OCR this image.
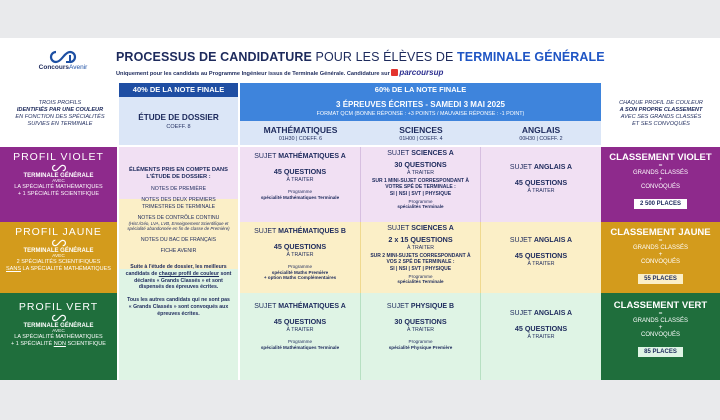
ConcoursAvenir
PROCESSUS DE CANDIDATURE POUR LES ÉLÈVES DE TERMINALE GÉNÉRALE
Uniquement pour les candidats au Programme Ingénieur issus de Terminale Générale. Candidature sur parcoursup
TROIS PROFILS
IDENTIFIÉS PAR UNE COULEUR
EN FONCTION DES SPÉCIALITÉS
SUIVIES EN TERMINALE
CHAQUE PROFIL DE COULEUR
A SON PROPRE CLASSEMENT
AVEC SES GRANDS CLASSÉS
ET SES CONVOQUÉS
40% DE LA NOTE FINALE	60% DE LA NOTE FINALE
3 ÉPREUVES ÉCRITES - SAMEDI 3 MAI 2025
FORMAT QCM (BONNE RÉPONSE : +3 POINTS / MAUVAISE RÉPONSE : -1 POINT)
ÉTUDE DE DOSSIER
COEFF. 8	MATHÉMATIQUES
01H30 | COEFF. 6
SCIENCES
01H00 | COEFF. 4
ANGLAIS
00H30 | COEFF. 2
PROFIL VIOLET
TERMINALE GÉNÉRALE
AVEC
LA SPÉCIALITÉ MATHÉMATIQUES
+ 1 SPÉCIALITÉ SCIENTIFIQUE
PROFIL JAUNE
TERMINALE GÉNÉRALE
AVEC
2 SPÉCIALITÉS SCIENTIFIQUES
SANS LA SPÉCIALITÉ MATHÉMATIQUES
PROFIL VERT
TERMINALE GÉNÉRALE
AVEC
LA SPÉCIALITÉ MATHÉMATIQUES
+ 1 SPÉCIALITÉ NON SCIENTIFIQUE
ÉLÉMENTS PRIS EN COMPTE DANS L'ÉTUDE DE DOSSIER :
NOTES DE PREMIÈRE
NOTES DES DEUX PREMIERS TRIMESTRES DE TERMINALE
NOTES DE CONTRÔLE CONTINU
(Hist./Géo, LVA, LVB, Enseignement Scientifique et spécialité abandonnée en fin de classe de Première)
NOTES DU BAC DE FRANÇAIS
FICHE AVENIR
Suite à l'étude de dossier, les meilleurs candidats de chaque profil de couleur sont déclarés « Grands Classés » et sont dispensés des épreuves écrites.
Tous les autres candidats qui ne sont pas « Grands Classés » sont convoqués aux épreuves écrites.
SUJET MATHÉMATIQUES A
45 QUESTIONS
À TRAITER
Programme
spécialité Mathématiques Terminale
SUJET SCIENCES A
30 QUESTIONS
À TRAITER
SUR 1 MINI-SUJET CORRESPONDANT À VOTRE SPÉ DE TERMINALE :
SI | NSI | SVT | PHYSIQUE
Programme
spécialités Terminale
SUJET ANGLAIS A
45 QUESTIONS
À TRAITER
SUJET MATHÉMATIQUES B
45 QUESTIONS
À TRAITER
Programme
spécialité Maths Première
+ option Maths Complémentaires
SUJET SCIENCES A
2 x 15 QUESTIONS
À TRAITER
SUR 2 MINI-SUJETS CORRESPONDANT À VOS 2 SPÉ DE TERMINALE :
SI | NSI | SVT | PHYSIQUE
Programme
spécialités Terminale
SUJET ANGLAIS A
45 QUESTIONS
À TRAITER
SUJET MATHÉMATIQUES A
45 QUESTIONS
À TRAITER
Programme
spécialité Mathématiques Terminale
SUJET PHYSIQUE B
30 QUESTIONS
À TRAITER
Programme
spécialité Physique Première
SUJET ANGLAIS A
45 QUESTIONS
À TRAITER
CLASSEMENT VIOLET
=
GRANDS CLASSÉS
+
CONVOQUÉS
2 500 PLACES
CLASSEMENT JAUNE
=
GRANDS CLASSÉS
+
CONVOQUÉS
55 PLACES
CLASSEMENT VERT
=
GRANDS CLASSÉS
+
CONVOQUÉS
85 PLACES
